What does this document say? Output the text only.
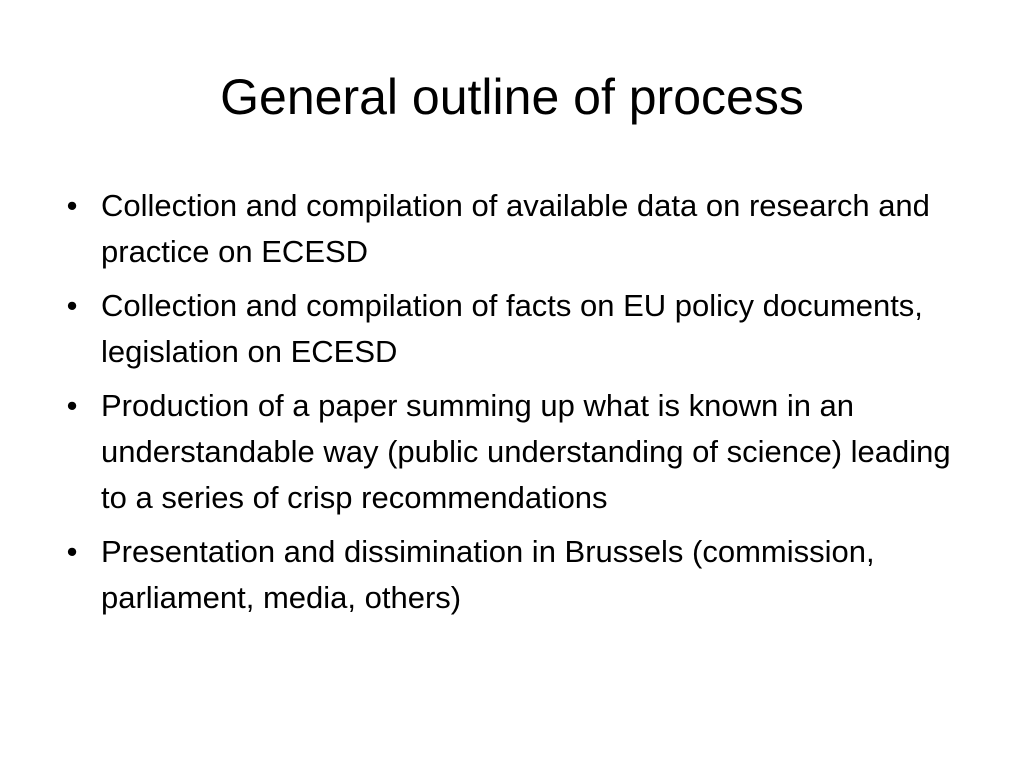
General outline of process
• Collection and compilation of available data on research and practice on ECESD
• Collection and compilation of facts on EU policy documents, legislation on ECESD
• Production of a paper summing up what is known in an understandable way (public understanding of science) leading to a series of crisp recommendations
• Presentation and dissimination in Brussels (commission, parliament, media, others)
